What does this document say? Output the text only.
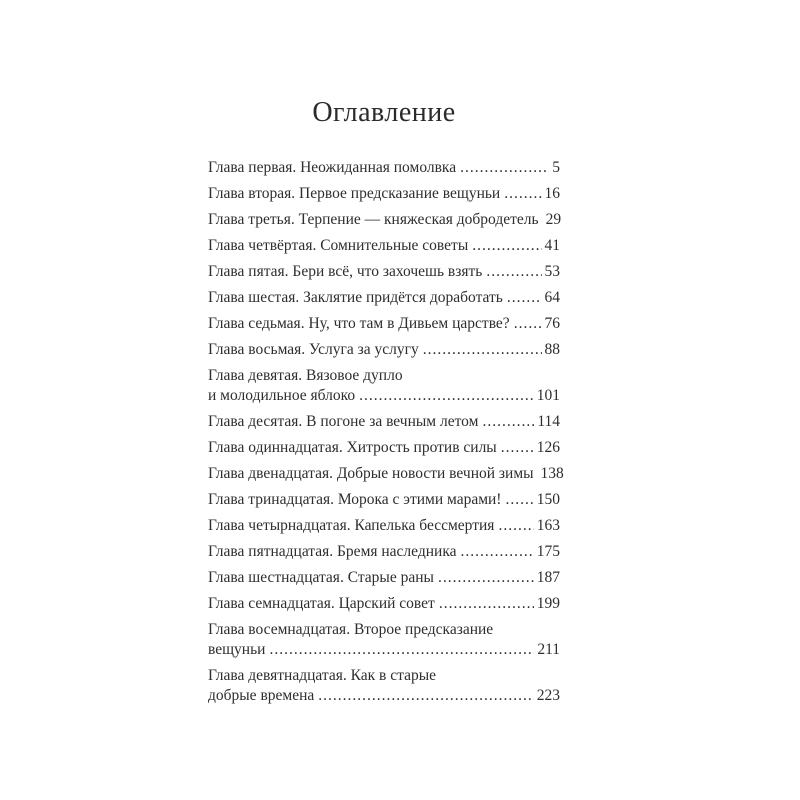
Оглавление
Глава первая. Неожиданная помолвка .....	5
Глава вторая. Первое предсказание вещуньи .....	16
Глава третья. Терпение — княжеская добродетель 29
Глава четвёртая. Сомнительные советы .....	41
Глава пятая. Бери всё, что захочешь взять .....	53
Глава шестая. Заклятие придётся доработать .....	64
Глава седьмая. Ну, что там в Дивьем царстве? ..... 76
Глава восьмая. Услуга за услугу .....	88
Глава девятая. Вязовое дупло
и молодильное яблоко .....	101
Глава десятая. В погоне за вечным летом .....	114
Глава одиннадцатая. Хитрость против силы .....	126
Глава двенадцатая. Добрые новости вечной зимы 138
Глава тринадцатая. Морока с этими марами! ..... 150
Глава четырнадцатая. Капелька бессмертия .....	163
Глава пятнадцатая. Бремя наследника .....	175
Глава шестнадцатая. Старые раны .....	187
Глава семнадцатая. Царский совет .....	199
Глава восемнадцатая. Второе предсказание
вещуньи .....	211
Глава девятнадцатая. Как в старые
добрые времена .....	223
